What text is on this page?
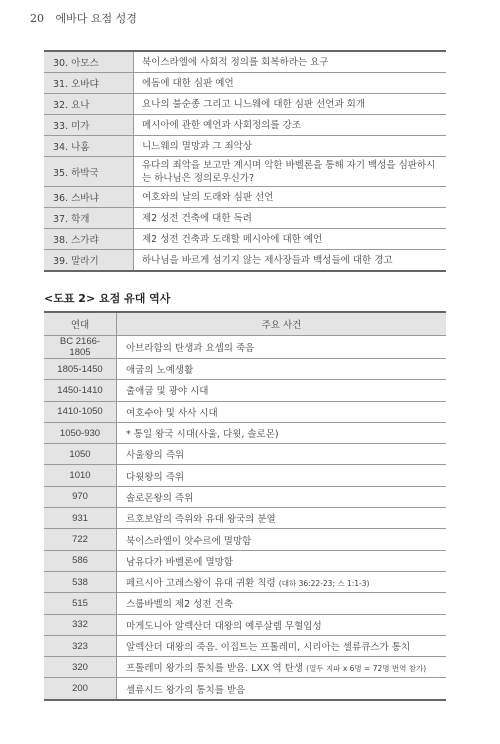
20 에바다 요점 성경
30. 아모스	북이스라엘에 사회적 정의를 회복하라는 요구
31. 오바댜	에돔에 대한 심판 예언
32. 요나	요나의 불순종 그리고 니느웨에 대한 심판 선언과 회개
33. 미가	메시아에 관한 예언과 사회정의를 강조
34. 나훔	니느웨의 멸망과 그 죄악상
35. 하박국	유다의 죄악을 보고만 계시며 악한 바벨론을 통해 자기 백성을 심판하시는 하나님은 정의로우신가?
36. 스바냐	여호와의 날의 도래와 심판 선언
37. 학개	제2 성전 건축에 대한 독려
38. 스가랴	제2 성전 건축과 도래할 메시아에 대한 예언
39. 말라기	하나님을 바르게 섬기지 않는 제사장들과 백성들에 대한 경고
<도표 2> 요점 유대 역사
연대	주요 사건
BC 2166-1805	아브라함의 탄생과 요셉의 죽음
1805-1450	애굽의 노예생활
1450-1410	출애굽 및 광야 시대
1410-1050	여호수아 및 사사 시대
1050-930	* 통일 왕국 시대(사울, 다윗, 솔로몬)
1050	사울왕의 즉위
1010	다윗왕의 즉위
970	솔로몬왕의 즉위
931	르호보암의 즉위와 유대 왕국의 분열
722	북이스라엘이 앗수르에 멸망함
586	남유다가 바벨론에 멸망함
538	페르시아 고레스왕이 유대 귀환 칙령 (대하 36:22-23; 스 1:1-3)
515	스룹바벨의 제2 성전 건축
332	마게도니아 알렉산더 대왕의 예루살렘 무혈입성
323	알렉산더 대왕의 죽음. 이집트는 프톨레미, 시리아는 셀류큐스가 통치
320	프톨레미 왕가의 통치를 받음. LXX 역 탄생 (열두 지파 x 6명 = 72명 번역 참가)
200	셀류시드 왕가의 통치를 받음
